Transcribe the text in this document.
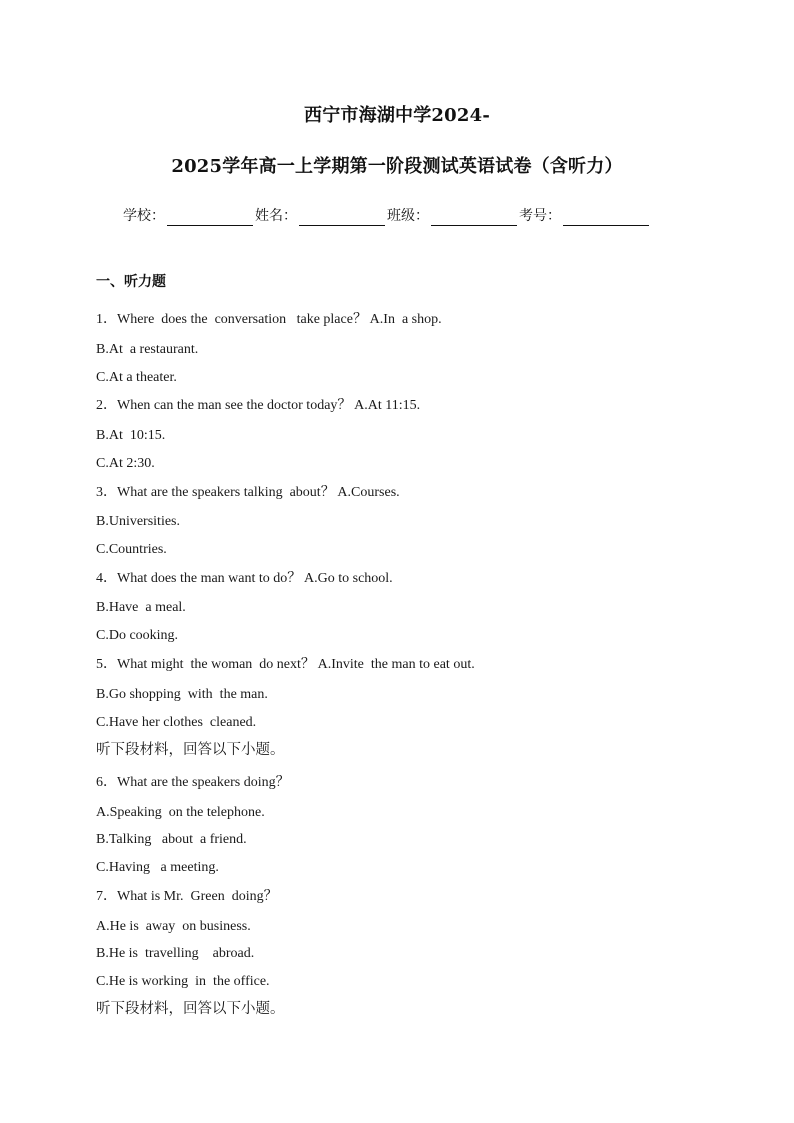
西宁市海湖中学2024-
2025学年高一上学期第一阶段测试英语试卷（含听力）
学校：	姓名：	班级：	考号：
一、听力题
1．Where  does the  conversation   take place？ A.In  a shop.
B.At  a restaurant.
C.At a theater.
2．When can the man see the doctor today？ A.At 11:15.
B.At  10:15.
C.At 2:30.
3．What are the speakers talking  about？ A.Courses.
B.Universities.
C.Countries.
4．What does the man want to do？ A.Go to school.
B.Have  a meal.
C.Do cooking.
5．What might  the woman  do next？ A.Invite  the man to eat out.
B.Go shopping  with  the man.
C.Have her clothes  cleaned.
听下段材料，回答以下小题。
6．What are the speakers doing？
A.Speaking  on the telephone.
B.Talking   about  a friend.
C.Having   a meeting.
7．What is Mr.  Green  doing？
A.He is  away  on business.
B.He is  travelling    abroad.
C.He is working  in  the office.
听下段材料，回答以下小题。
